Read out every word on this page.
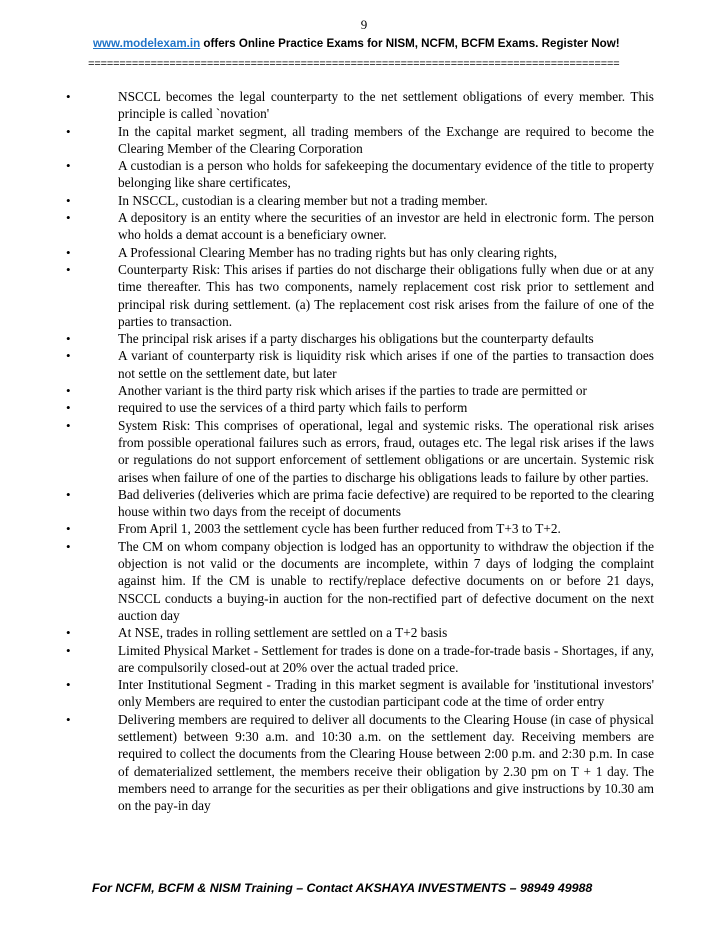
9
www.modelexam.in offers Online Practice Exams for NISM, NCFM, BCFM Exams. Register Now!
=====================================================================================
•	NSCCL becomes the legal counterparty to the net settlement obligations of every member. This principle is called `novation'
•	In the capital market segment, all trading members of the Exchange are required to become the Clearing Member of the Clearing Corporation
•	A custodian is a person who holds for safekeeping the documentary evidence of the title to property belonging like share certificates,
•	In NSCCL, custodian is a clearing member but not a trading member.
•	A depository is an entity where the securities of an investor are held in electronic form. The person who holds a demat account is a beneficiary owner.
•	A Professional Clearing Member has no trading rights but has only clearing rights,
•	Counterparty Risk: This arises if parties do not discharge their obligations fully when due or at any time thereafter. This has two components, namely replacement cost risk prior to settlement and principal risk during settlement. (a) The replacement cost risk arises from the failure of one of the parties to transaction.
•	The principal risk arises if a party discharges his obligations but the counterparty defaults
•	A variant of counterparty risk is liquidity risk which arises if one of the parties to transaction does not settle on the settlement date, but later
•	Another variant is the third party risk which arises if the parties to trade are permitted or
•	required to use the services of a third party which fails to perform
•	System Risk: This comprises of operational, legal and systemic risks. The operational risk arises from possible operational failures such as errors, fraud, outages etc. The legal risk arises if the laws or regulations do not support enforcement of settlement obligations or are uncertain. Systemic risk arises when failure of one of the parties to discharge his obligations leads to failure by other parties.
•	Bad deliveries (deliveries which are prima facie defective) are required to be reported to the clearing house within two days from the receipt of documents
•	From April 1, 2003 the settlement cycle has been further reduced from T+3 to T+2.
•	The CM on whom company objection is lodged has an opportunity to withdraw the objection if the objection is not valid or the documents are incomplete, within 7 days of lodging the complaint against him. If the CM is unable to rectify/replace defective documents on or before 21 days, NSCCL conducts a buying-in auction for the non-rectified part of defective document on the next auction day
•	At NSE, trades in rolling settlement are settled on a T+2 basis
•	Limited Physical Market - Settlement for trades is done on a trade-for-trade basis - Shortages, if any, are compulsorily closed-out at 20% over the actual traded price.
•	Inter Institutional Segment - Trading in this market segment is available for 'institutional investors' only Members are required to enter the custodian participant code at the time of order entry
•	Delivering members are required to deliver all documents to the Clearing House (in case of physical settlement) between 9:30 a.m. and 10:30 a.m. on the settlement day. Receiving members are required to collect the documents from the Clearing House between 2:00 p.m. and 2:30 p.m. In case of dematerialized settlement, the members receive their obligation by 2.30 pm on T + 1 day. The members need to arrange for the securities as per their obligations and give instructions by 10.30 am on the pay-in day
For NCFM, BCFM & NISM Training – Contact AKSHAYA INVESTMENTS – 98949 49988
